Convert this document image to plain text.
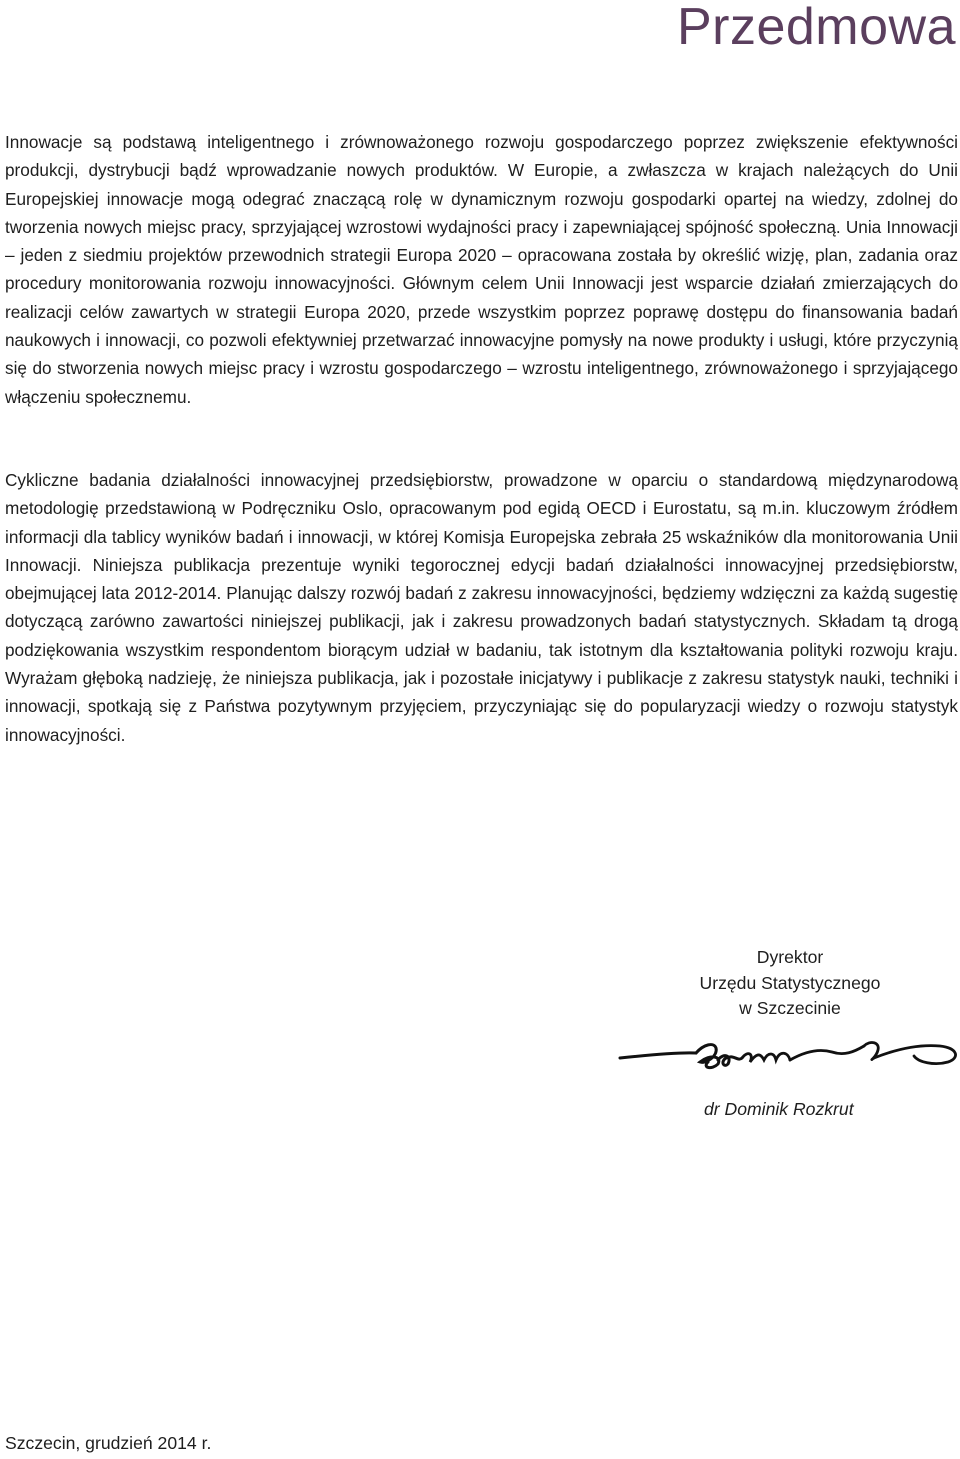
Przedmowa

Innowacje są podstawą inteligentnego i zrównoważonego rozwoju gospodarczego poprzez zwiększenie efektywności produkcji, dystrybucji bądź wprowadzanie nowych produktów. W Europie, a zwłaszcza w krajach należących do Unii Europejskiej innowacje mogą odegrać znaczącą rolę w dynamicznym rozwoju gospodarki opartej na wiedzy, zdolnej do tworzenia nowych miejsc pracy, sprzyjającej wzrostowi wydajności pracy i zapewniającej spójność społeczną. Unia Innowacji – jeden z siedmiu projektów przewodnich strategii Europa 2020 – opracowana została by określić wizję, plan, zadania oraz procedury monitorowania rozwoju innowacyjności. Głównym celem Unii Innowacji jest wsparcie działań zmierzających do realizacji celów zawartych w strategii Europa 2020, przede wszystkim poprzez poprawę dostępu do finansowania badań naukowych i innowacji, co pozwoli efektywniej przetwarzać innowacyjne pomysły na nowe produkty i usługi, które przyczynią się do stworzenia nowych miejsc pracy i wzrostu gospodarczego – wzrostu inteligentnego, zrównoważonego i sprzyjającego włączeniu społecznemu.

Cykliczne badania działalności innowacyjnej przedsiębiorstw, prowadzone w oparciu o standardową międzynarodową metodologię przedstawioną w Podręczniku Oslo, opracowanym pod egidą OECD i Eurostatu, są m.in. kluczowym źródłem informacji dla tablicy wyników badań i innowacji, w której Komisja Europejska zebrała 25 wskaźników dla monitorowania Unii Innowacji. Niniejsza publikacja prezentuje wyniki tegorocznej edycji badań działalności innowacyjnej przedsiębiorstw, obejmującej lata 2012-2014. Planując dalszy rozwój badań z zakresu innowacyjności, będziemy wdzięczni za każdą sugestię dotyczącą zarówno zawartości niniejszej publikacji, jak i zakresu prowadzonych badań statystycznych. Składam tą drogą podziękowania wszystkim respondentom biorącym udział w badaniu, tak istotnym dla kształtowania polityki rozwoju kraju. Wyrażam głęboką nadzieję, że niniejsza publikacja, jak i pozostałe inicjatywy i publikacje z zakresu statystyk nauki, techniki i innowacji, spotkają się z Państwa pozytywnym przyjęciem, przyczyniając się do popularyzacji wiedzy o rozwoju statystyk innowacyjności.

Dyrektor
Urzędu Statystycznego
w Szczecinie
dr Dominik Rozkrut
Szczecin, grudzień 2014 r.
